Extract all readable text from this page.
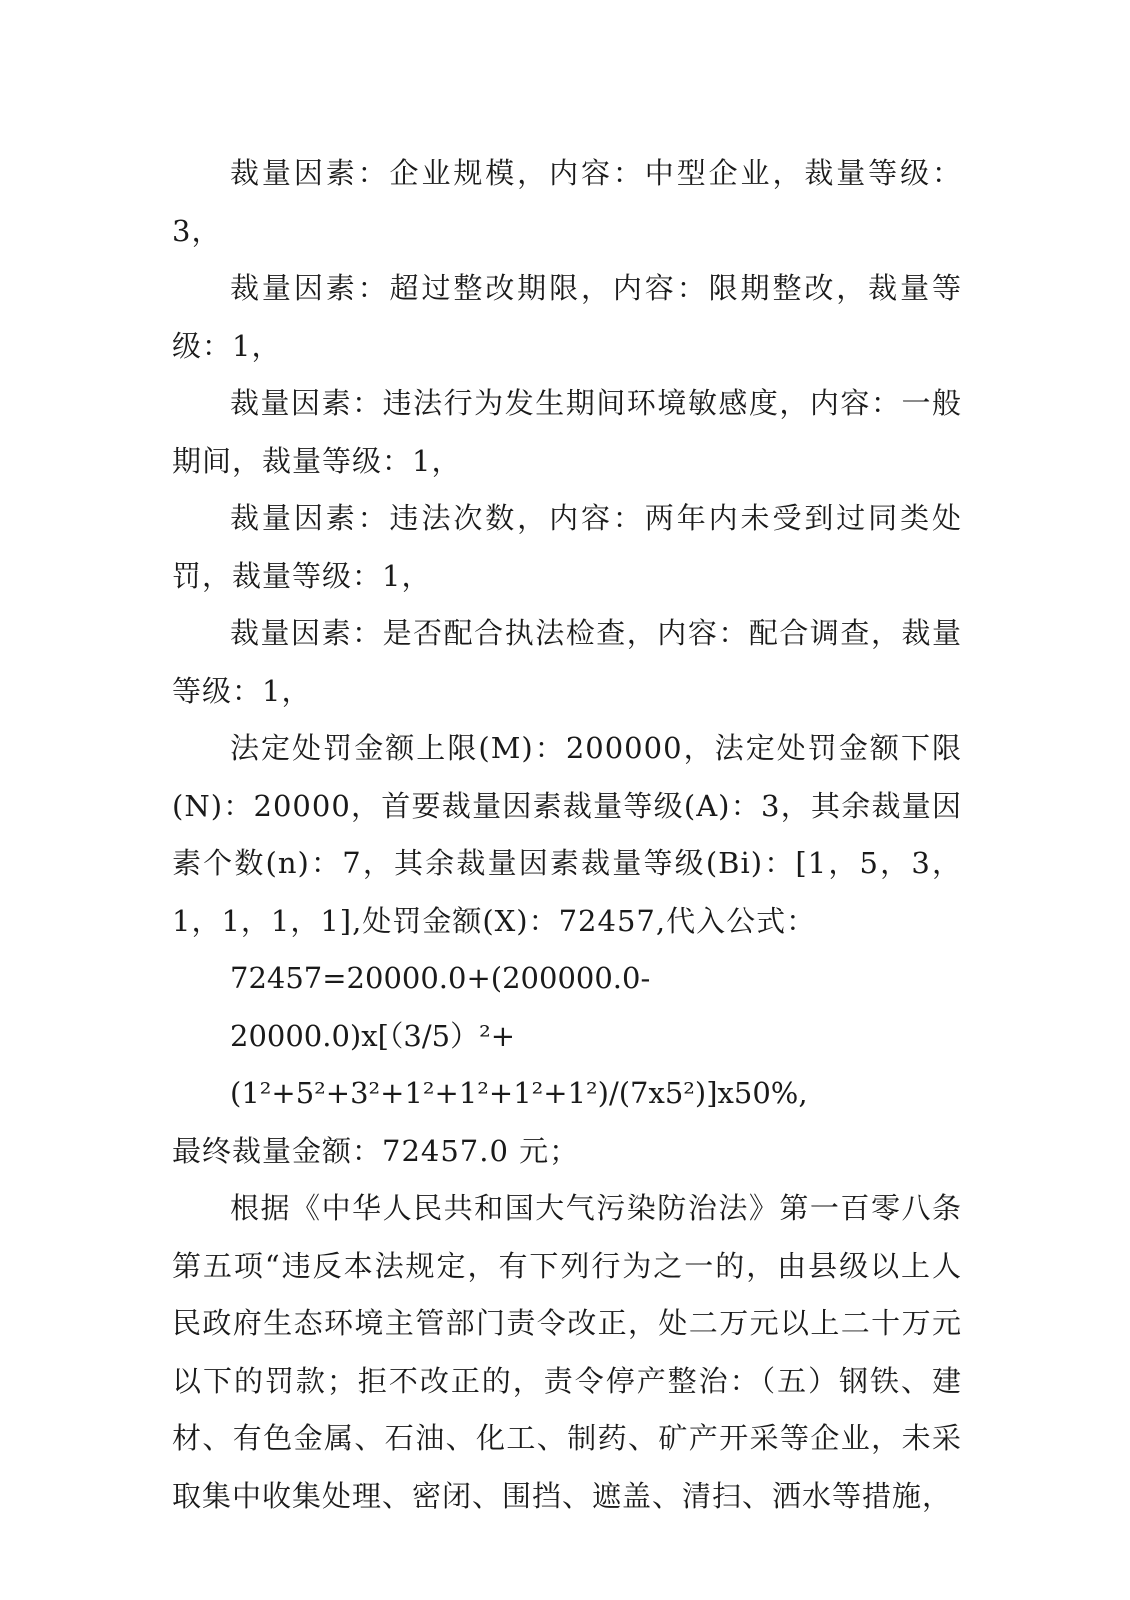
裁量因素：企业规模，内容：中型企业，裁量等级：3，

裁量因素：超过整改期限，内容：限期整改，裁量等级：1，

裁量因素：违法行为发生期间环境敏感度，内容：一般期间，裁量等级：1，

裁量因素：违法次数，内容：两年内未受到过同类处罚，裁量等级：1，

裁量因素：是否配合执法检查，内容：配合调查，裁量等级：1，

法定处罚金额上限(M)：200000，法定处罚金额下限(N)：20000，首要裁量因素裁量等级(A)：3，其余裁量因素个数(n)：7，其余裁量因素裁量等级(Bi)：[1，5，3，1，1，1，1],处罚金额(X)：72457,代入公式：

72457=20000.0+(200000.0-

20000.0)x[（3/5）²+(1²+5²+3²+1²+1²+1²+1²)/(7x5²)]x50%,
最终裁量金额：72457.0 元；

根据《中华人民共和国大气污染防治法》第一百零八条第五项“违反本法规定，有下列行为之一的，由县级以上人民政府生态环境主管部门责令改正，处二万元以上二十万元以下的罚款；拒不改正的，责令停产整治：（五）钢铁、建材、有色金属、石油、化工、制药、矿产开采等企业，未采取集中收集处理、密闭、围挡、遮盖、清扫、洒水等措施，
